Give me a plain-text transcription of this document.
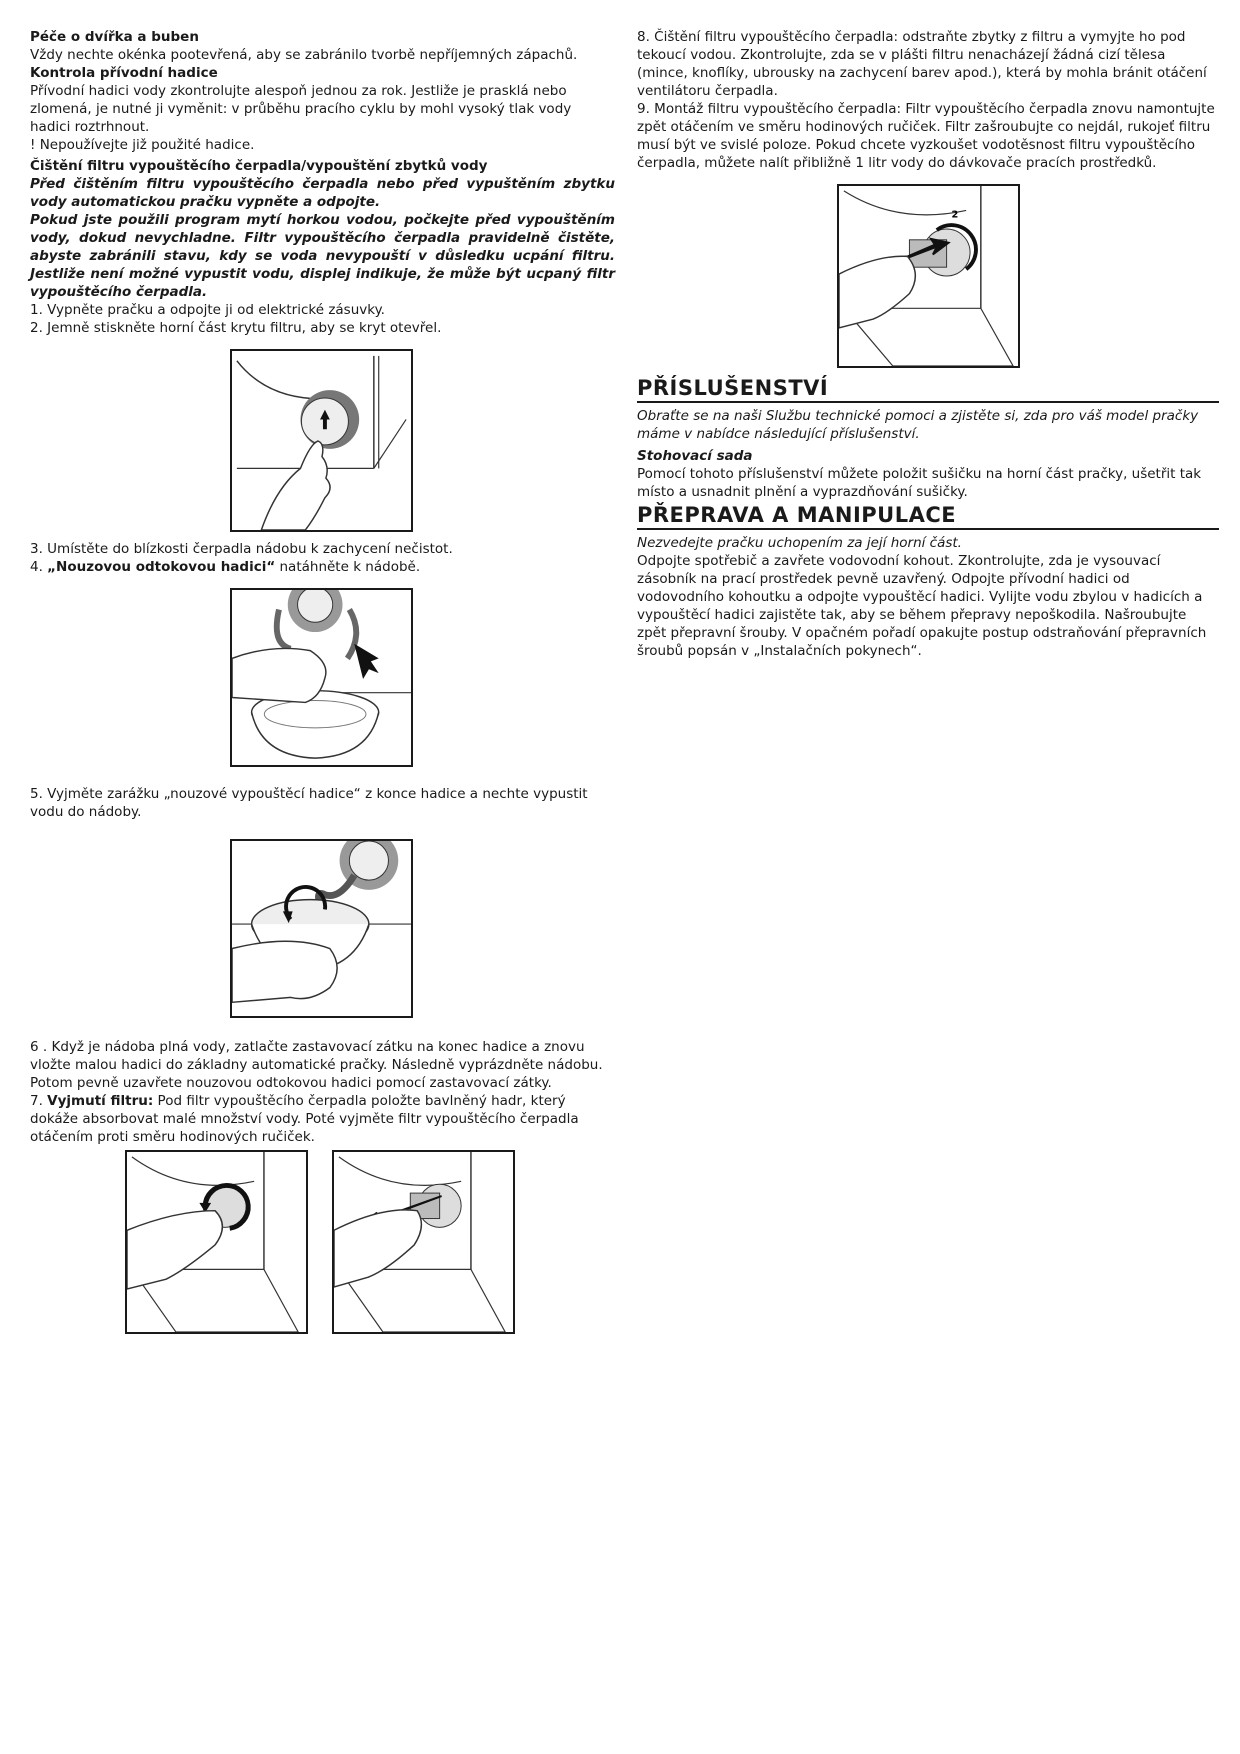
Péče o dvířka a buben

Vždy nechte okénka pootevřená, aby se zabránilo tvorbě nepříjemných zápachů.

Kontrola přívodní hadice

Přívodní hadici vody zkontrolujte alespoň jednou za rok. Jestliže je prasklá nebo zlomená, je nutné ji vyměnit: v průběhu pracího cyklu by mohl vysoký tlak vody hadici roztrhnout.

! Nepoužívejte již použité hadice.

Čištění filtru vypouštěcího čerpadla/vypouštění zbytků vody

Před čištěním filtru vypouštěcího čerpadla nebo před vypuštěním zbytku vody automatickou pračku vypněte a odpojte.

Pokud jste použili program mytí horkou vodou, počkejte před vypouštěním vody, dokud nevychladne. Filtr vypouštěcího čerpadla pravidelně čistěte, abyste zabránili stavu, kdy se voda nevypouští v důsledku ucpání filtru. Jestliže není možné vypustit vodu, displej indikuje, že může být ucpaný filtr vypouštěcího čerpadla.

1. Vypněte pračku a odpojte ji od elektrické zásuvky.

2. Jemně stiskněte horní část krytu filtru, aby se kryt otevřel.

3. Umístěte do blízkosti čerpadla nádobu k zachycení nečistot.

4. „Nouzovou odtokovou hadici“ natáhněte k nádobě.

5. Vyjměte zarážku „nouzové vypouštěcí hadice“ z konce hadice a nechte vypustit vodu do nádoby.

6 . Když je nádoba plná vody, zatlačte zastavovací zátku na konec hadice a znovu vložte malou hadici do základny automatické pračky. Následně vyprázdněte nádobu. Potom pevně uzavřete nouzovou odtokovou hadici pomocí zastavovací zátky.

7. Vyjmutí filtru: Pod filtr vypouštěcího čerpadla položte bavlněný hadr, který dokáže absorbovat malé množství vody. Poté vyjměte filtr vypouštěcího čerpadla otáčením proti směru hodinových ručiček.

8. Čištění filtru vypouštěcího čerpadla: odstraňte zbytky z filtru a vymyjte ho pod tekoucí vodou. Zkontrolujte, zda se v plášti filtru nenacházejí žádná cizí tělesa (mince, knoflíky, ubrousky na zachycení barev apod.), která by mohla bránit otáčení ventilátoru čerpadla.

9. Montáž filtru vypouštěcího čerpadla: Filtr vypouštěcího čerpadla znovu namontujte zpět otáčením ve směru hodinových ručiček. Filtr zašroubujte co nejdál, rukojeť filtru musí být ve svislé poloze. Pokud chcete vyzkoušet vodotěsnost filtru vypouštěcího čerpadla, můžete nalít přibližně 1 litr vody do dávkovače pracích prostředků.

2
PŘÍSLUŠENSTVÍ

Obraťte se na naši Službu technické pomoci a zjistěte si, zda pro váš model pračky máme v nabídce následující příslušenství.

Stohovací sada

Pomocí tohoto příslušenství můžete položit sušičku na horní část pračky, ušetřit tak místo a usnadnit plnění a vyprazdňování sušičky.

PŘEPRAVA A MANIPULACE

Nezvedejte pračku uchopením za její horní část.

Odpojte spotřebič a zavřete vodovodní kohout. Zkontrolujte, zda je vysouvací zásobník na prací prostředek pevně uzavřený. Odpojte přívodní hadici od vodovodního kohoutku a odpojte vypouštěcí hadici. Vylijte vodu zbylou v hadicích a vypouštěcí hadici zajistěte tak, aby se během přepravy nepoškodila. Našroubujte zpět přepravní šrouby. V opačném pořadí opakujte postup odstraňování přepravních šroubů popsán v „Instalačních pokynech“.
